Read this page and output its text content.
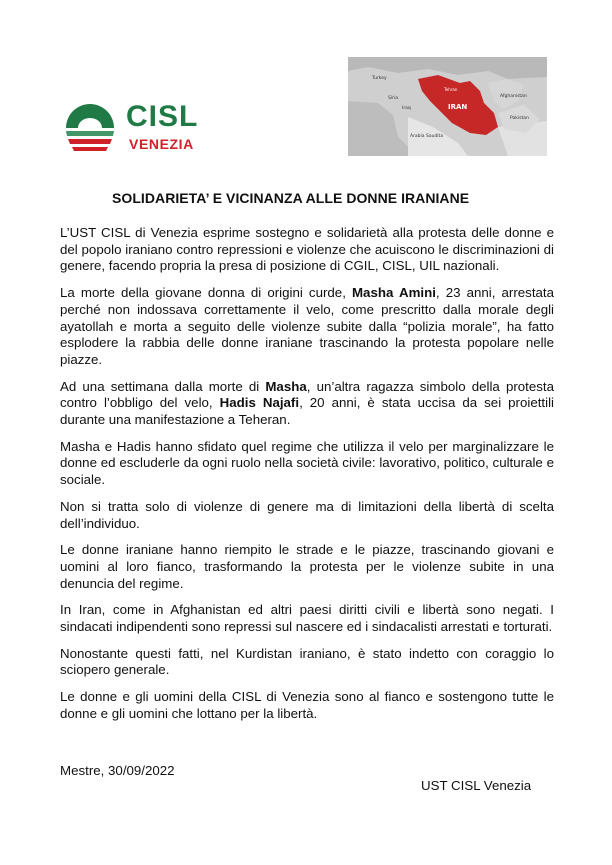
CISL
VENEZIA
Turkey
Siria
Iraq
Tehran
IRAN
Afghanistan
Pakistan
Arabia Saudita
SOLIDARIETA’ E VICINANZA ALLE DONNE IRANIANE

L’UST CISL di Venezia esprime sostegno e solidarietà alla protesta delle donne e del popolo iraniano contro repressioni e violenze che acuiscono le discriminazioni di genere, facendo propria la presa di posizione di CGIL, CISL, UIL nazionali.

La morte della giovane donna di origini curde, Masha Amini, 23 anni, arrestata perché non indossava correttamente il velo, come prescritto dalla morale degli ayatollah e morta a seguito delle violenze subite dalla “polizia morale”, ha fatto esplodere la rabbia delle donne iraniane trascinando la protesta popolare nelle piazze.

Ad una settimana dalla morte di Masha, un’altra ragazza simbolo della protesta contro l’obbligo del velo, Hadis Najafi, 20 anni, è stata uccisa da sei proiettili durante una manifestazione a Teheran.

Masha e Hadis hanno sfidato quel regime che utilizza il velo per marginalizzare le donne ed escluderle da ogni ruolo nella società civile: lavorativo, politico, culturale e sociale.

Non si tratta solo di violenze di genere ma di limitazioni della libertà di scelta dell’individuo.

Le donne iraniane hanno riempito le strade e le piazze, trascinando giovani e uomini al loro fianco, trasformando la protesta per le violenze subite in una denuncia del regime.

In Iran, come in Afghanistan ed altri paesi diritti civili e libertà sono negati. I sindacati indipendenti sono repressi sul nascere ed i sindacalisti arrestati e torturati.

Nonostante questi fatti, nel Kurdistan iraniano, è stato indetto con coraggio lo sciopero generale.

Le donne e gli uomini della CISL di Venezia sono al fianco e sostengono tutte le donne e gli uomini che lottano per la libertà.

Mestre, 30/09/2022
UST CISL Venezia
